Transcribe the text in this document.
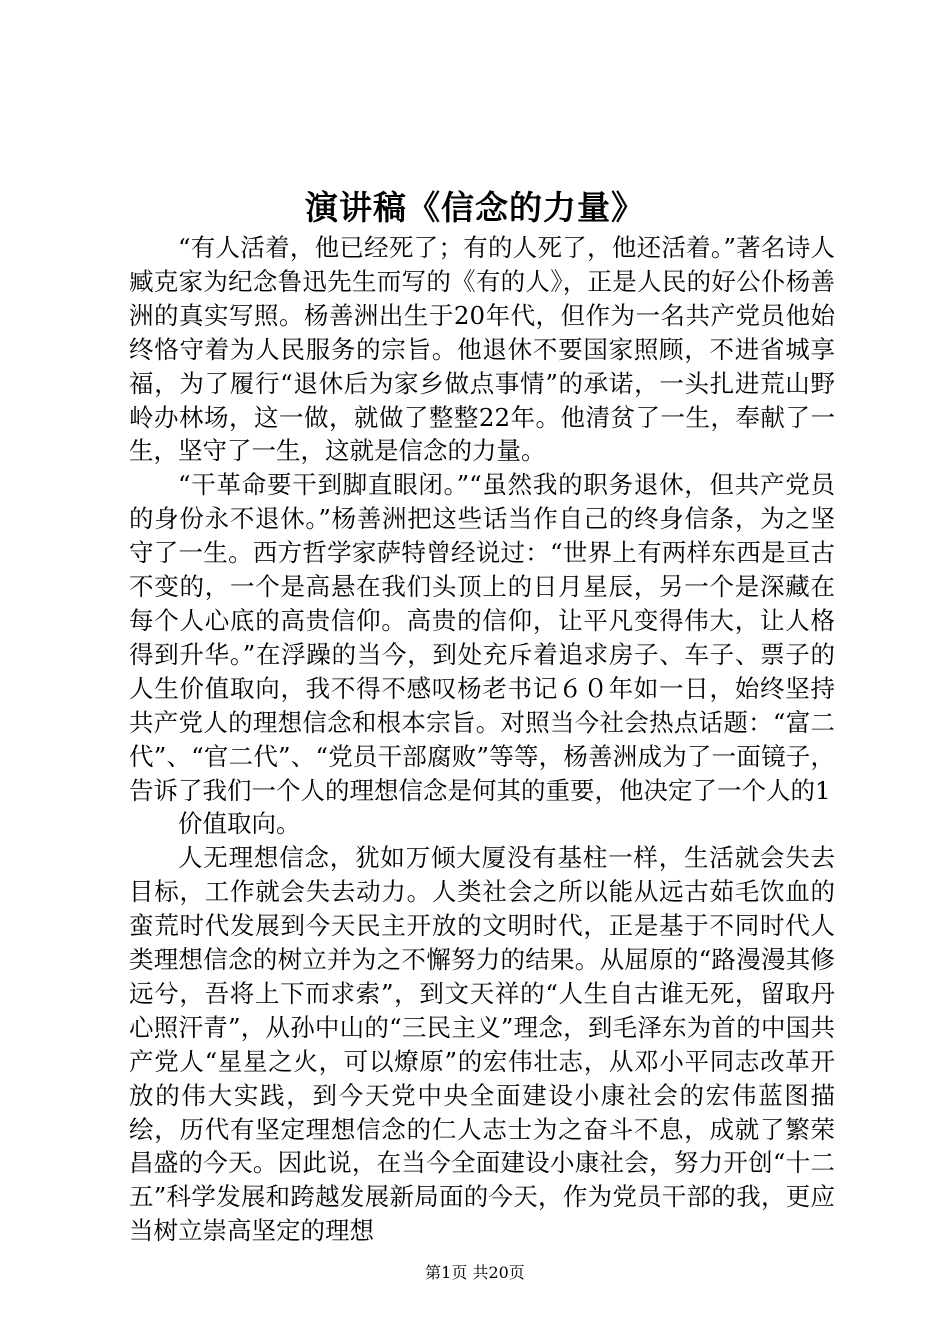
演讲稿《信念的力量》

“有人活着，他已经死了；有的人死了，他还活着。”著名诗人臧克家为纪念鲁迅先生而写的《有的人》，正是人民的好公仆杨善洲的真实写照。杨善洲出生于20年代，但作为一名共产党员他始终恪守着为人民服务的宗旨。他退休不要国家照顾，不进省城享福，为了履行“退休后为家乡做点事情”的承诺，一头扎进荒山野岭办林场，这一做，就做了整整22年。他清贫了一生，奉献了一生，坚守了一生，这就是信念的力量。

“干革命要干到脚直眼闭。”“虽然我的职务退休，但共产党员的身份永不退休。”杨善洲把这些话当作自己的终身信条，为之坚守了一生。西方哲学家萨特曾经说过：“世界上有两样东西是亘古不变的，一个是高悬在我们头顶上的日月星辰，另一个是深藏在每个人心底的高贵信仰。高贵的信仰，让平凡变得伟大，让人格得到升华。”在浮躁的当今，到处充斥着追求房子、车子、票子的人生价值取向，我不得不感叹杨老书记６０年如一日，始终坚持共产党人的理想信念和根本宗旨。对照当今社会热点话题：“富二代”、“官二代”、“党员干部腐败”等等，杨善洲成为了一面镜子，告诉了我们一个人的理想信念是何其的重要，他决定了一个人的1

价值取向。

人无理想信念，犹如万倾大厦没有基柱一样，生活就会失去目标，工作就会失去动力。人类社会之所以能从远古茹毛饮血的蛮荒时代发展到今天民主开放的文明时代，正是基于不同时代人类理想信念的树立并为之不懈努力的结果。从屈原的“路漫漫其修远兮，吾将上下而求索”，到文天祥的“人生自古谁无死，留取丹心照汗青”，从孙中山的“三民主义”理念，到毛泽东为首的中国共产党人“星星之火，可以燎原”的宏伟壮志，从邓小平同志改革开放的伟大实践，到今天党中央全面建设小康社会的宏伟蓝图描绘，历代有坚定理想信念的仁人志士为之奋斗不息，成就了繁荣昌盛的今天。因此说，在当今全面建设小康社会，努力开创“十二五”科学发展和跨越发展新局面的今天，作为党员干部的我，更应当树立崇高坚定的理想

第1页 共20页
